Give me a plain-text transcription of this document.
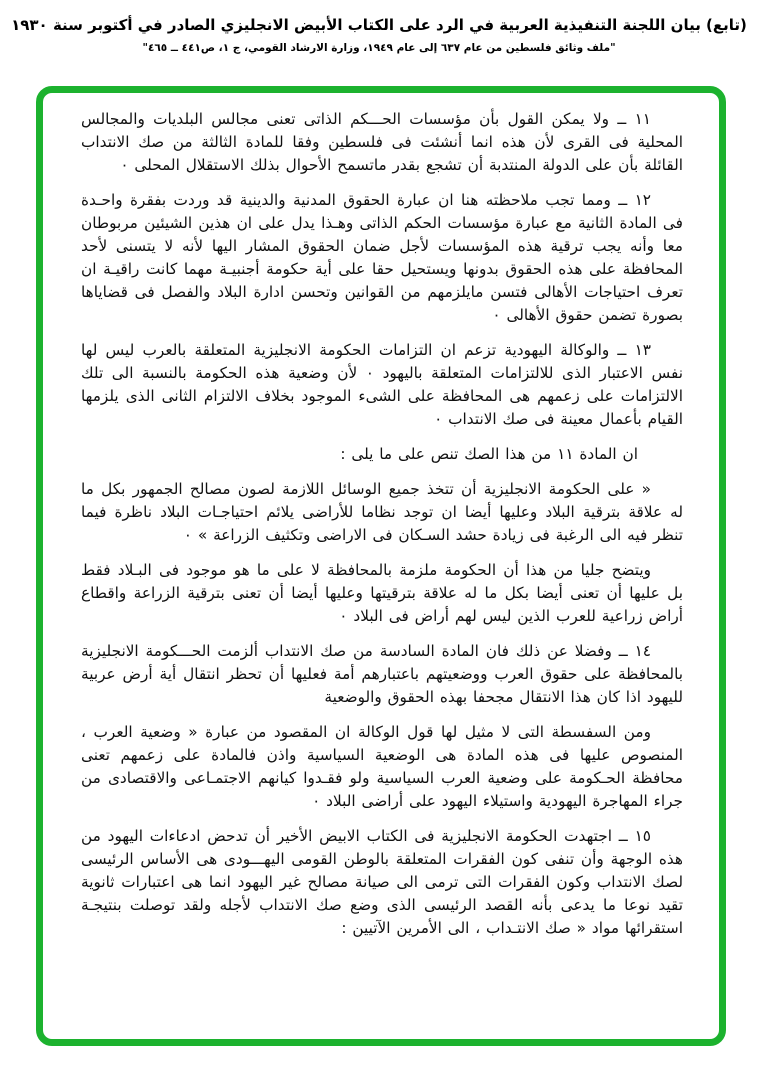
(تابع) بيان اللجنة التنفيذية العربية في الرد على الكتاب الأبيض الانجليزي الصادر في أكتوبر سنة ١٩٣٠
"ملف وثائق فلسطين من عام ٦٣٧ إلى عام ١٩٤٩، وزارة الارشاد القومي، ج ١، ص٤٤١ ــ ٤٦٥"

١١ ــ ولا يمكن القول بأن مؤسسات الحـــكم الذاتى تعنى مجالس البلديات والمجالس المحلية فى القرى لأن هذه انما أنشئت فى فلسطين وفقا للمادة الثالثة من صك الانتداب القائلة بأن على الدولة المنتدبة أن تشجع بقدر ماتسمح الأحوال بذلك الاستقلال المحلى ٠

١٢ ــ ومما تجب ملاحظته هنا ان عبارة الحقوق المدنية والدينية قد وردت بفقرة واحـدة فى المادة الثانية مع عبارة مؤسسات الحكم الذاتى وهـذا يدل على ان هذين الشيئين مربوطان معا وأنه يجب ترقية هذه المؤسسات لأجل ضمان الحقوق المشار اليها لأنه لا يتسنى لأحد المحافظة على هذه الحقوق بدونها ويستحيل حقا على أية حكومة أجنبيـة مهما كانت راقيـة ان تعرف احتياجات الأهالى فتسن مايلزمهم من القوانين وتحسن ادارة البلاد والفصل فى قضاياها بصورة تضمن حقوق الأهالى ٠

١٣ ــ والوكالة اليهودية تزعم ان التزامات الحكومة الانجليزية المتعلقة بالعرب ليس لها نفس الاعتبار الذى للالتزامات المتعلقة باليهود ٠ لأن وضعية هذه الحكومة بالنسبة الى تلك الالتزامات على زعمهم هى المحافظة على الشىء الموجود بخلاف الالتزام الثانى الذى يلزمها القيام بأعمال معينة فى صك الانتداب ٠

ان المادة ١١ من هذا الصك تنص على ما يلى :

« على الحكومة الانجليزية أن تتخذ جميع الوسائل اللازمة لصون مصالح الجمهور بكل ما له علاقة بترقية البلاد وعليها أيضا ان توجد نظاما للأراضى يلائم احتياجـات البلاد ناظرة فيما تنظر فيه الى الرغبة فى زيادة حشد السـكان فى الاراضى وتكثيف الزراعة » ٠

ويتضح جليا من هذا أن الحكومة ملزمة بالمحافظة لا على ما هو موجود فى البـلاد فقط بل عليها أن تعنى أيضا بكل ما له علاقة بترقيتها وعليها أيضا أن تعنى بترقية الزراعة واقطاع أراض زراعية للعرب الذين ليس لهم أراض فى البلاد ٠

١٤ ــ وفضلا عن ذلك فان المادة السادسة من صك الانتداب ألزمت الحـــكومة الانجليزية بالمحافظة على حقوق العرب ووضعيتهم باعتبارهم أمة فعليها أن تحظر انتقال أية أرض عربية لليهود اذا كان هذا الانتقال مجحفا بهذه الحقوق والوضعية

ومن السفسطة التى لا مثيل لها قول الوكالة ان المقصود من عبارة « وضعية العرب ، المنصوص عليها فى هذه المادة هى الوضعية السياسية واذن فالمادة على زعمهم تعنى محافظة الحـكومة على وضعية العرب السياسية ولو فقـدوا كيانهم الاجتمـاعى والاقتصادى من جراء المهاجرة اليهودية واستيلاء اليهود على أراضى البلاد ٠

١٥ ــ اجتهدت الحكومة الانجليزية فى الكتاب الابيض الأخير أن تدحض ادعاءات اليهود من هذه الوجهة وأن تنفى كون الفقرات المتعلقة بالوطن القومى اليهـــودى هى الأساس الرئيسى لصك الانتداب وكون الفقرات التى ترمى الى صيانة مصالح غير اليهود انما هى اعتبارات ثانوية تقيد نوعا ما يدعى بأنه القصد الرئيسى الذى وضع صك الانتداب لأجله ولقد توصلت بنتيجـة استقرائها مواد « صك الانتـداب ، الى الأمرين الآتيين :
